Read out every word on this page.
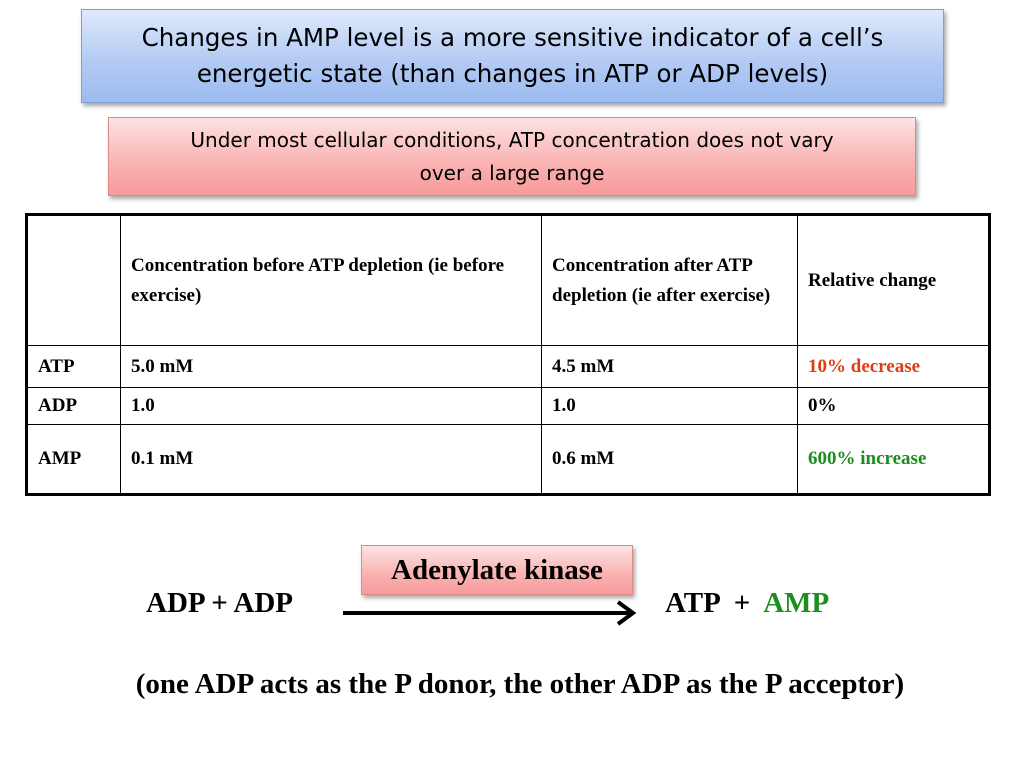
Changes in AMP level is a more sensitive indicator of a cell’s
energetic state (than changes in ATP or ADP levels)
Under most cellular conditions, ATP concentration does not vary
over a large range
	Concentration before ATP depletion (ie before exercise)	Concentration after ATP depletion (ie after exercise)	Relative change
ATP	5.0 mM	4.5 mM	10% decrease
ADP	1.0	1.0	0%
AMP	0.1 mM	0.6 mM	600% increase
Adenylate kinase
ADP + ADP	ATP + AMP
(one ADP acts as the P donor, the other ADP as the P acceptor)
